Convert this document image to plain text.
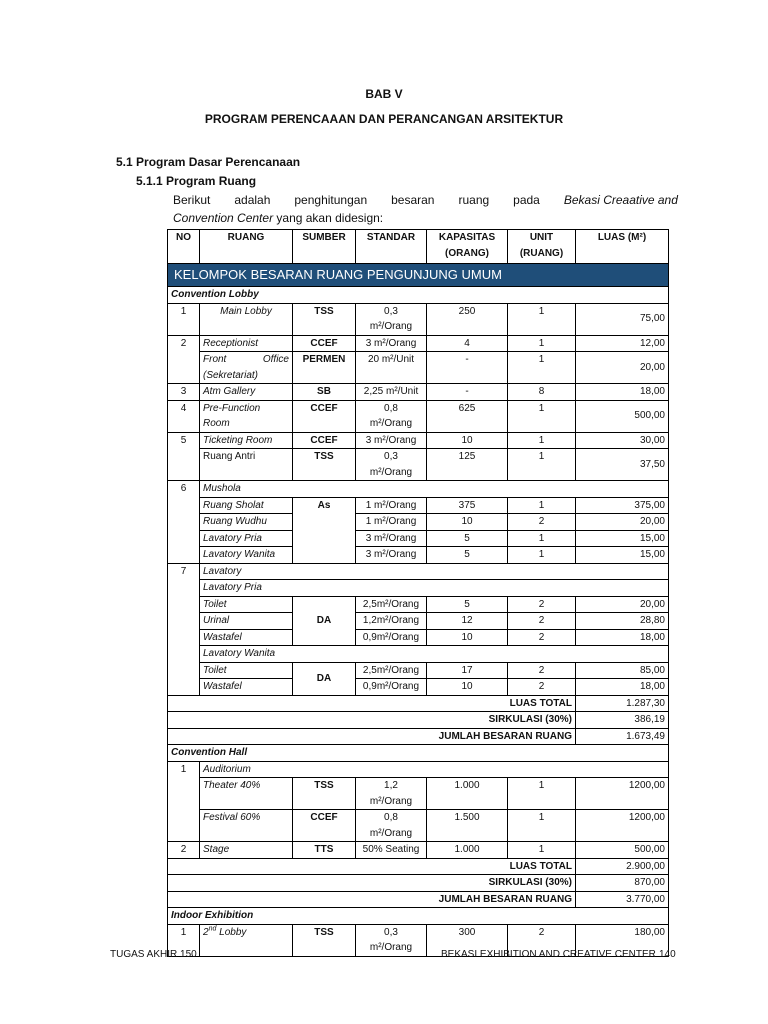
BAB V
PROGRAM PERENCAAAN DAN PERANCANGAN ARSITEKTUR
5.1 Program Dasar Perencanaan
5.1.1 Program Ruang
Berikut adalah penghitungan besaran ruang pada Bekasi Creaative and
Convention Center yang akan didesign:
NO	RUANG	SUMBER	STANDAR	KAPASITAS (ORANG)	UNIT (RUANG)	LUAS (M²)
KELOMPOK BESARAN RUANG PENGUNJUNG UMUM						
Convention Lobby						
1	Main Lobby	TSS	0,3
m²/Orang	250	1	75,00
2	Receptionist	CCEF	3 m²/Orang	4	1	12,00
	Front Office (Sekretariat)	PERMEN	20 m²/Unit	-	1	20,00
3	Atm Gallery	SB	2,25 m²/Unit	-	8	18,00
4	Pre-Function Room	CCEF	0,8
m²/Orang	625	1	500,00
5	Ticketing Room	CCEF	3 m²/Orang	10	1	30,00
	Ruang Antri	TSS	0,3
m²/Orang	125	1	37,50
6	Mushola					
	Ruang Sholat	As	1 m²/Orang	375	1	375,00
	Ruang Wudhu		1 m²/Orang	10	2	20,00
	Lavatory Pria		3 m²/Orang	5	1	15,00
	Lavatory Wanita		3 m²/Orang	5	1	15,00
7	Lavatory					
	Lavatory Pria					
	Toilet	DA	2,5m²/Orang	5	2	20,00
	Urinal		1,2m²/Orang	12	2	28,80
	Wastafel		0,9m²/Orang	10	2	18,00
	Lavatory Wanita					
	Toilet	DA	2,5m²/Orang	17	2	85,00
	Wastafel		0,9m²/Orang	10	2	18,00
LUAS TOTAL						1.287,30
SIRKULASI (30%)						386,19
JUMLAH BESARAN RUANG						1.673,49
Convention Hall						
1	Auditorium					
	Theater 40%	TSS	1,2
m²/Orang	1.000	1	1200,00
	Festival 60%	CCEF	0,8
m²/Orang	1.500	1	1200,00
2	Stage	TTS	50% Seating	1.000	1	500,00
LUAS TOTAL						2.900,00
SIRKULASI (30%)						870,00
JUMLAH BESARAN RUANG						3.770,00
Indoor Exhibition						
1	2nd Lobby	TSS	0,3
m²/Orang	300	2	180,00
TUGAS AKHIR 150	BEKASI EXHIBITION AND CREATIVE CENTER 140
